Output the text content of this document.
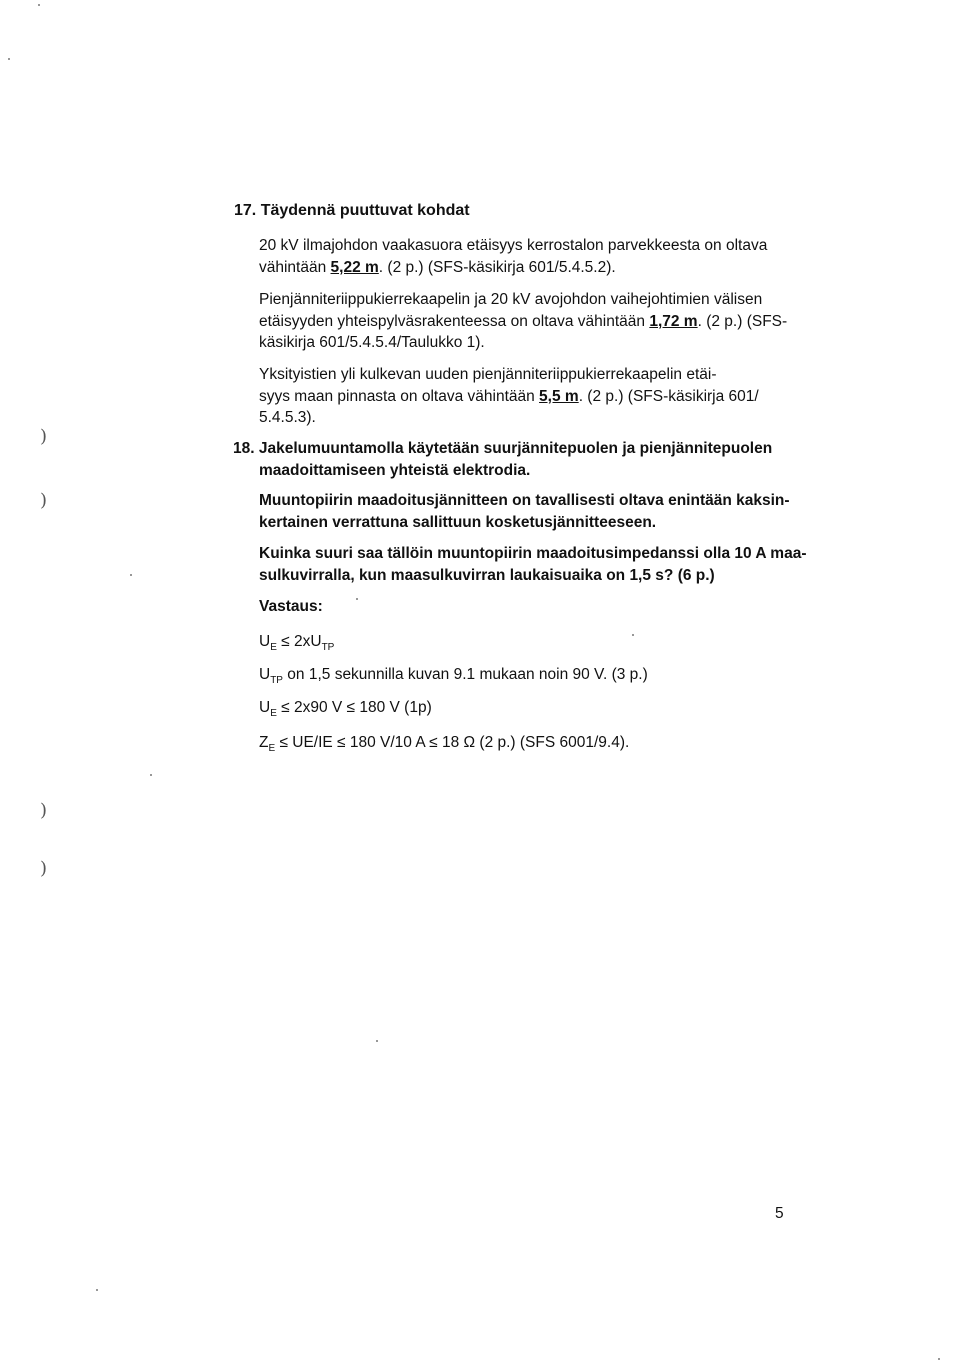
)
)
)
)
17. Täydennä puuttuvat kohdat
20 kV ilmajohdon vaakasuora etäisyys kerrostalon parvekkeesta on oltava
vähintään 5,22 m. (2 p.) (SFS-käsikirja 601/5.4.5.2).
Pienjänniteriippukierrekaapelin ja 20 kV avojohdon vaihejohtimien välisen
etäisyyden yhteispylväsrakenteessa on oltava vähintään 1,72 m. (2 p.) (SFS-
käsikirja 601/5.4.5.4/Taulukko 1).
Yksityistien yli kulkevan uuden pienjänniteriippukierrekaapelin etäi-
syys maan pinnasta on oltava vähintään 5,5 m. (2 p.) (SFS-käsikirja 601/
5.4.5.3).
18. Jakelumuuntamolla käytetään suurjännitepuolen ja pienjännitepuolen
maadoittamiseen yhteistä elektrodia.
Muuntopiirin maadoitusjännitteen on tavallisesti oltava enintään kaksin-
kertainen verrattuna sallittuun kosketusjännitteeseen.
Kuinka suuri saa tällöin muuntopiirin maadoitusimpedanssi olla 10 A maa-
sulkuvirralla, kun maasulkuvirran laukaisuaika on 1,5 s? (6 p.)
Vastaus:
$U_E \le 2xU_{TP}$
$U_{TP}$ on 1,5 sekunnilla kuvan 9.1 mukaan noin 90 V. (3 p.)
$U_E \le 2x90$ V ≤ 180 V (1p)
$Z_E \le UE/IE \le 180$ V/10 A ≤ 18 Ω (2 p.) (SFS 6001/9.4).
5
